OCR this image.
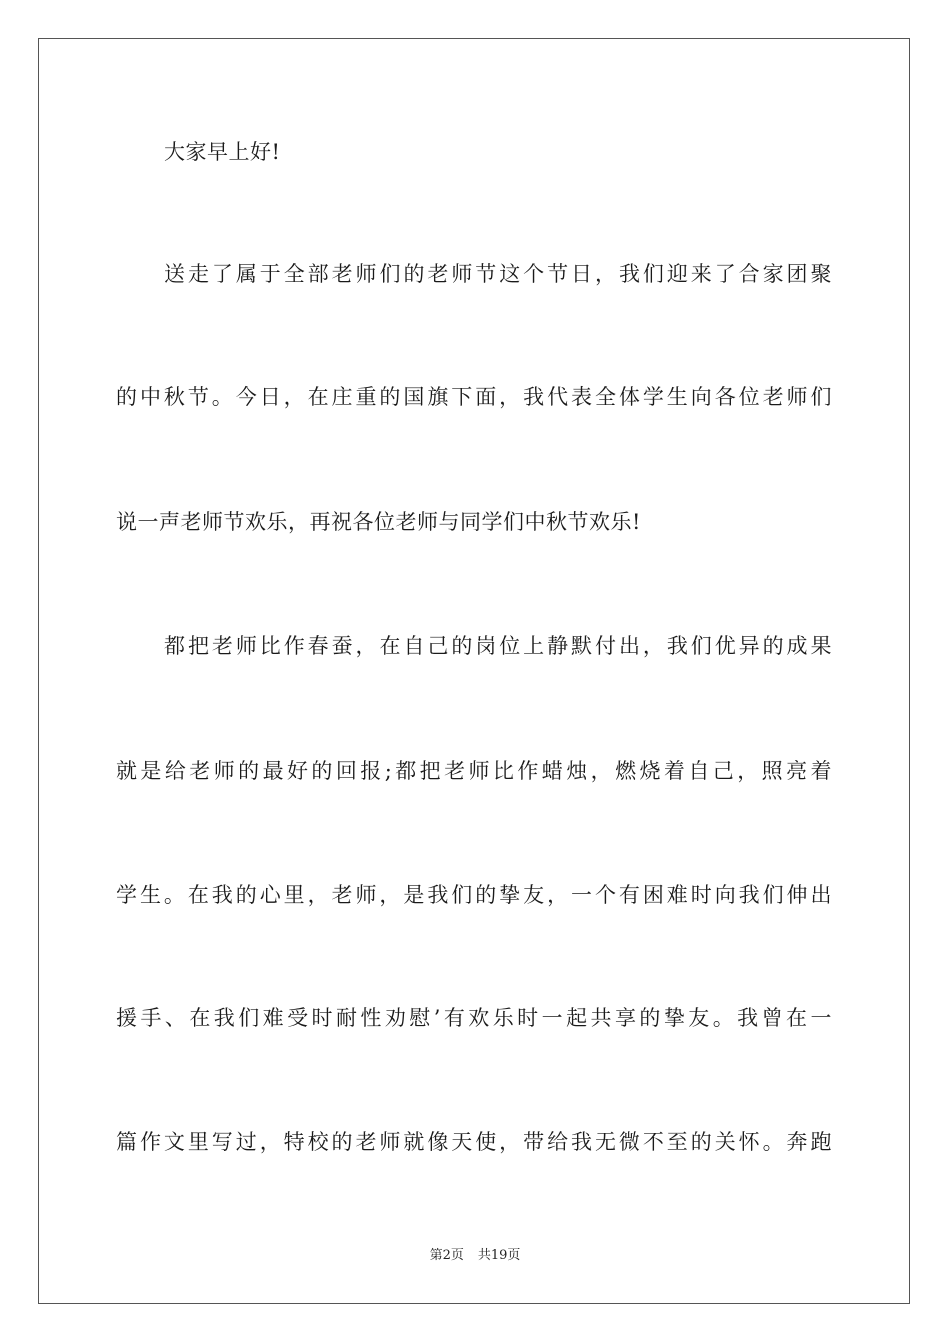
大家早上好!
送走了属于全部老师们的老师节这个节日，我们迎来了合家团聚
的中秋节。今日，在庄重的国旗下面，我代表全体学生向各位老师们
说一声老师节欢乐，再祝各位老师与同学们中秋节欢乐!
都把老师比作春蚕，在自己的岗位上静默付出，我们优异的成果
就是给老师的最好的回报;都把老师比作蜡烛，燃烧着自己，照亮着
学生。在我的心里，老师，是我们的挚友，一个有困难时向我们伸出
援手、在我们难受时耐性劝慰’有欢乐时一起共享的挚友。我曾在一
篇作文里写过，特校的老师就像天使，带给我无微不至的关怀。奔跑
第2页 共19页
